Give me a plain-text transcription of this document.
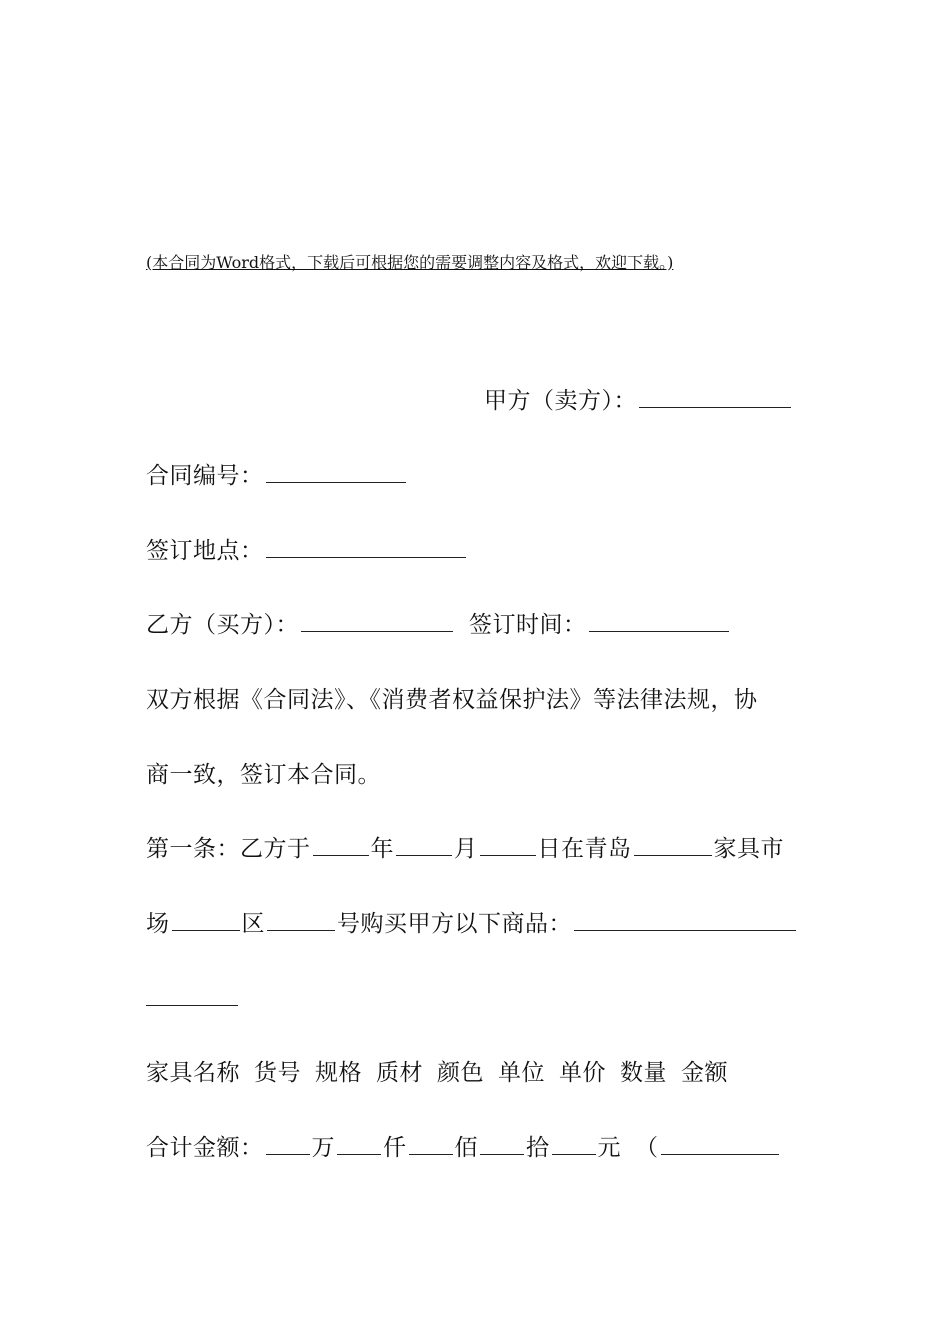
(本合同为Word格式，下载后可根据您的需要调整内容及格式，欢迎下载。)
甲方（卖方）：
合同编号：
签订地点：
乙方（买方）：	签订时间：
双方根据《合同法》、《消费者权益保护法》等法律法规，协
商一致，签订本合同。
第一条：乙方于	年	月	日在青岛	家具市
场	区	号购买甲方以下商品：
家具名称 货号 规格 质材 颜色 单位 单价 数量 金额
合计金额： 万 仟 佰 拾 元 （
